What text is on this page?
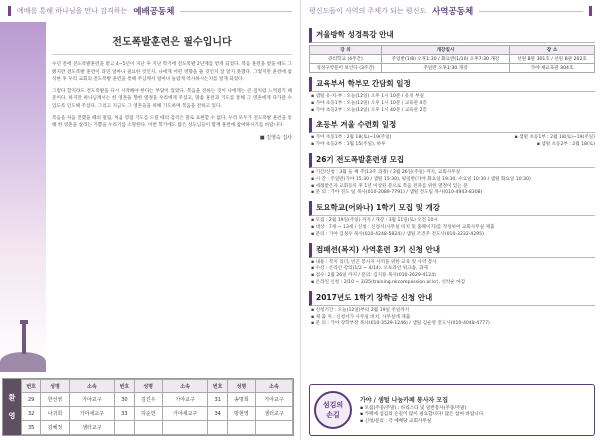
예배를 통해 하나님을 만나 감격하는 예배공동체
전도폭발훈련은 필수입니다

수년 전에 전도폭발훈련을 받고 4~5년이 지난 후 지난 학기에 전도폭발 2단계를 받게 되었다. 복음 훈련을 받을 때도 그랬지만 전도폭발 훈련이 과연 얼마나 필요한 것인지, 나에게 어떤 영향을 줄 것인지 잘 알지 못했다. 그렇지만 훈련에 참석한 후 우리 교회의 전도폭발 훈련을 통해 주님께서 얼마나 놀랍게 역사하시는지를 알게 되었다.

그렇다 할지라도 전도폭발을 다시 시작해야 한다는 부담이 있었다. 복음을 전하는 것이 나에게는 큰 짐처럼 느껴졌기 때문이다. 하지만 하나님께서는 한 영혼을 향한 열정을 우리에게 주셨고, 말씀 훈련과 기도를 통해 그 영혼에게 다가갈 수 있도록 인도해 주셨다. 그리고 지금도 그 영혼들을 위해 기도하며 복음을 전하고 있다.

복음을 처음 전했을 때의 떨림, 처음 영접 기도를 드릴 때의 감격은 말로 표현할 수 없다. 우리 모두가 전도폭발 훈련을 통해 한 영혼을 살리는 기쁨을 누리기를 소망한다. 이번 학기에도 많은 성도님들이 함께 훈련에 참여하시기를 바랍니다.

■ 김영숙 집사
환
영
번호	성명	소속	번호	성명	소속	번호	성명	소속
29	한선영	가야교구	30	김진우	가야교구	31	송명희	가야교구
32	나귀희	가야새교구	33	하순연	가야새교구	34	방현영	샘터교구
35	김혜정	샘터교구						
평신도들이 사역의 주체가 되는 평신도 사역공동체
겨울방학 성경특강 안내
강 의	개강일시	장 소
큐티학교 (4주간)	주일반(1/8) 오후1:30 / 화요반(1/10) 오후7:30 개강	선원 B관 301호 / 선원 B관 202호
성경구약문어 보인다 (3주간)	주일반 오후1:30 개강	가야 새교육관 304호
교육부서 학부모 간담회 일정
▪ 샘털 유·치·부 : 오늘(12일) 오후 1시 10분 / 유치 부실
▪ 가야 초등1부 : 오늘(12일) 오후 1시 10분 / 교육관 4층
▪ 가야 초등2부 : 오늘(12일) 오후 1시 40분 / 교육관 2층
초등부 겨울 수련회 일정
▪ 가야 초등1부 : 2월 18(토)~19(주일)	▪ 샘털 초등1부 : 2월 18(토)~19(주일)
▪ 가야 초등2부 : 1월 15(주일), 하루	▪ 샘털 초등2부 : 2월 18(토)
26기 전도폭발훈련생 모집
▪ 기간/신청 : 3월 둘 째 주(13주 과정) / 2월 26일(주일) 까지, 교회사무실
▪ 시 간 : 주일반(가야 15:30 / 샘털 15:30), 평일반(가야 화요일 19:30, 수요일 10:30 / 샘털 화요일 10:30)
▪ 세례받은자 교회등록 후 1년 이상된 분으로 복음 전파를 위한 열정이 있는 분
▪ 문 의 : 가야 전도 팀 목사(010-2089-7791) / 샘털 전도팀 목사(010-4943-8308)
토요학교(어와나) 1학기 모집 및 개강
▪ 모집 : 2월 19일(주일) 까지 / 개강 : 3월 11일(토) 오전 10시
▪ 대상 : 7세 ~ 13세 / 신청 : 신청서(사무실 비치 및 홈페이지)를 작성하여 교회사무실 제출
▪ 문의 : 가야 김성우 목사(010-4248-5824) / 샘털 조진주 전도사(010-3232-4295)
컴패션(복지) 사역훈련 3기 신청 안내
▪ 내용 : 복지 리더, 빈곤 봉사자 사역을 위한 교육 및 사역 봉사
▪ 수강 : 온라인 강의(1/2 ~ 4/14), 오프라인 워크숍, 과제
▪ 접수: 2월 26일 까지 / 문의: 김지용 목사(010-2629-4124)
▪ 온라인 신청 : 2/10 ~ 3/25(training.nkcompassion.or.kr), 선착순 마감
2017년도 1학기 장학금 신청 안내
▪ 신청기간 : 오늘(12일)부터 2월 19일 주일까지
▪ 제 출 처 : 신청서가 사무실 비치, 사무실에 제출
▪ 문 의 : 가야 장학부장 목사(010-3529-1246) / 샘털 김순영 전도사(010-4048-4777)
섬김의
손길
가야 / 샘털 나눔카페 봉사자 모집
▪ 모집(주중/주말) : 바리스타 및 일반봉사(주중/주말)
▪ 카페에 섬김의 손길이 많이 필요합니다! 많은 참여 바랍니다.
▪ 신청/문의 : 각 예배당 교회사무실
